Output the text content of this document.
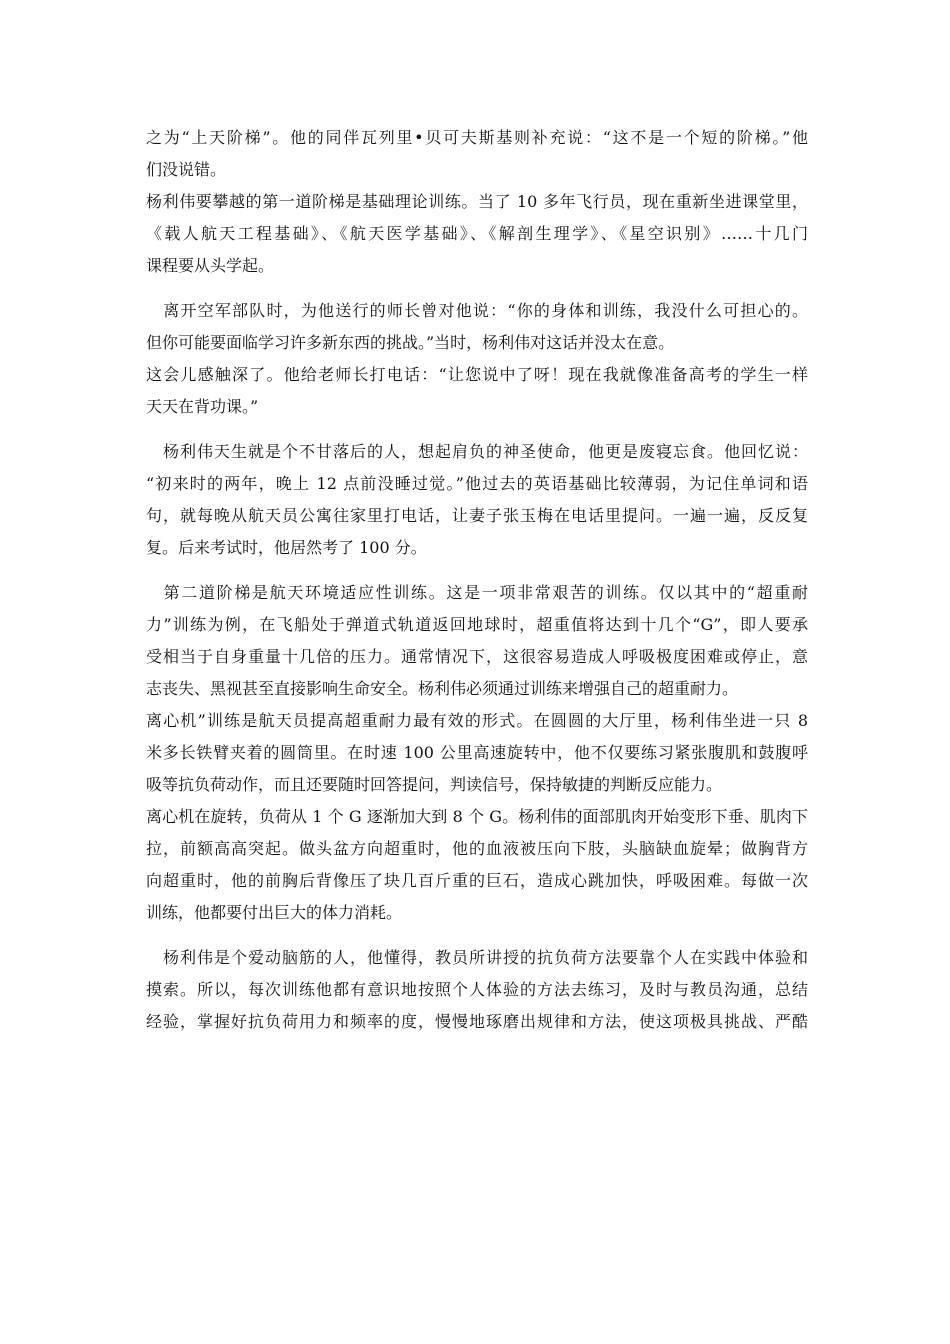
之为“上天阶梯”。他的同伴瓦列里•贝可夫斯基则补充说：“这不是一个短的阶梯。”他
们没说错。
杨利伟要攀越的第一道阶梯是基础理论训练。当了 10 多年飞行员，现在重新坐进课堂里，
《载人航天工程基础》、《航天医学基础》、《解剖生理学》、《星空识别》……十几门
课程要从头学起。
　离开空军部队时，为他送行的师长曾对他说：“你的身体和训练，我没什么可担心的。
但你可能要面临学习许多新东西的挑战。”当时，杨利伟对这话并没太在意。
这会儿感触深了。他给老师长打电话：“让您说中了呀！现在我就像准备高考的学生一样
天天在背功课。”
　杨利伟天生就是个不甘落后的人，想起肩负的神圣使命，他更是废寝忘食。他回忆说：
“初来时的两年，晚上 12 点前没睡过觉。”他过去的英语基础比较薄弱，为记住单词和语
句，就每晚从航天员公寓往家里打电话，让妻子张玉梅在电话里提问。一遍一遍，反反复
复。后来考试时，他居然考了 100 分。
　第二道阶梯是航天环境适应性训练。这是一项非常艰苦的训练。仅以其中的“超重耐
力”训练为例，在飞船处于弹道式轨道返回地球时，超重值将达到十几个“G”，即人要承
受相当于自身重量十几倍的压力。通常情况下，这很容易造成人呼吸极度困难或停止，意
志丧失、黑视甚至直接影响生命安全。杨利伟必须通过训练来增强自己的超重耐力。
离心机”训练是航天员提高超重耐力最有效的形式。在圆圆的大厅里，杨利伟坐进一只 8
米多长铁臂夹着的圆筒里。在时速 100 公里高速旋转中，他不仅要练习紧张腹肌和鼓腹呼
吸等抗负荷动作，而且还要随时回答提问，判读信号，保持敏捷的判断反应能力。
离心机在旋转，负荷从 1 个 G 逐渐加大到 8 个 G。杨利伟的面部肌肉开始变形下垂、肌肉下
拉，前额高高突起。做头盆方向超重时，他的血液被压向下肢，头脑缺血旋晕；做胸背方
向超重时，他的前胸后背像压了块几百斤重的巨石，造成心跳加快，呼吸困难。每做一次
训练，他都要付出巨大的体力消耗。
　杨利伟是个爱动脑筋的人，他懂得，教员所讲授的抗负荷方法要靠个人在实践中体验和
摸索。所以，每次训练他都有意识地按照个人体验的方法去练习，及时与教员沟通，总结
经验，掌握好抗负荷用力和频率的度，慢慢地琢磨出规律和方法，使这项极具挑战、严酷
